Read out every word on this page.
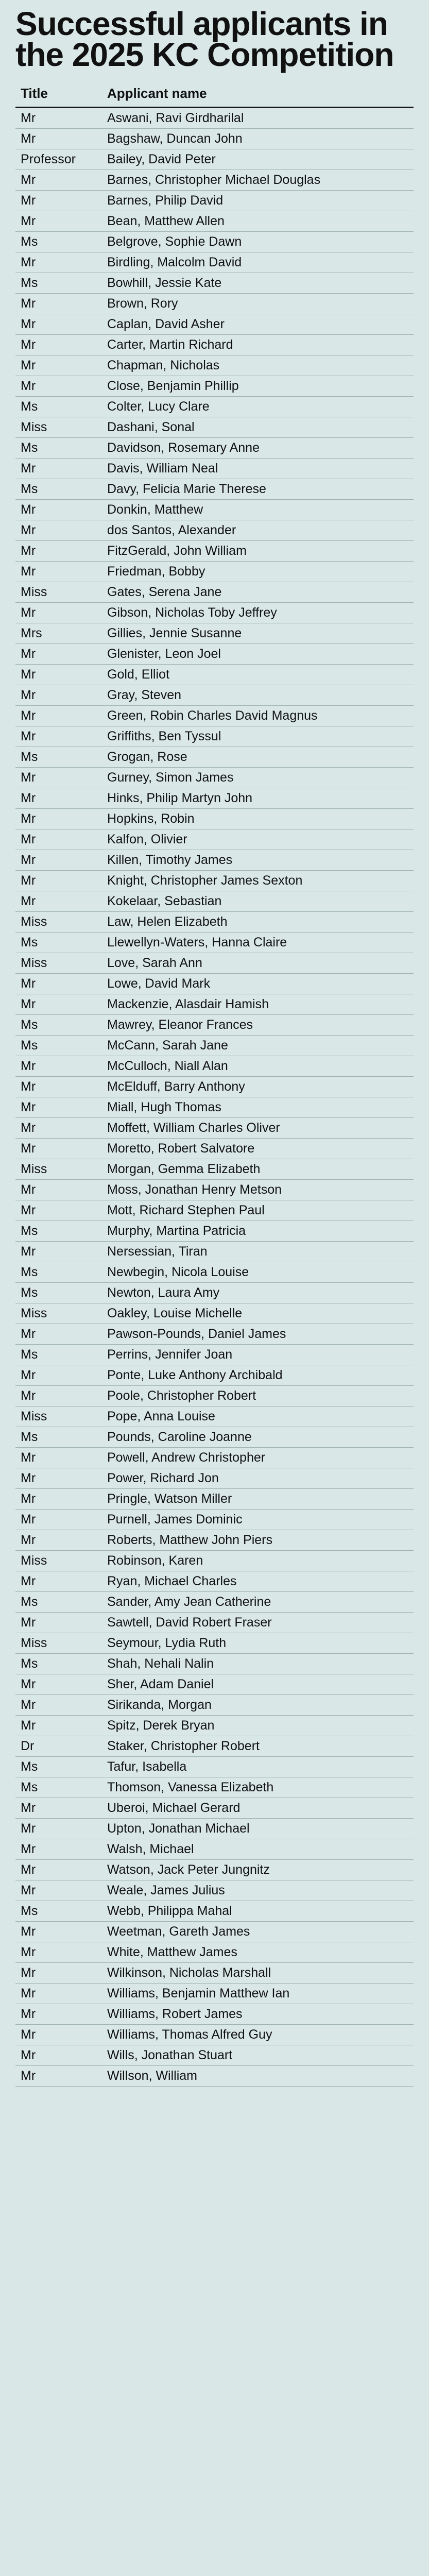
Successful applicants in the 2025 KC Competition
Title	Applicant name
Mr	Aswani, Ravi Girdharilal
Mr	Bagshaw, Duncan John
Professor	Bailey, David Peter
Mr	Barnes, Christopher Michael Douglas
Mr	Barnes, Philip David
Mr	Bean, Matthew Allen
Ms	Belgrove, Sophie Dawn
Mr	Birdling, Malcolm David
Ms	Bowhill, Jessie Kate
Mr	Brown, Rory
Mr	Caplan, David Asher
Mr	Carter, Martin Richard
Mr	Chapman, Nicholas
Mr	Close, Benjamin Phillip
Ms	Colter, Lucy Clare
Miss	Dashani, Sonal
Ms	Davidson, Rosemary Anne
Mr	Davis, William Neal
Ms	Davy, Felicia Marie Therese
Mr	Donkin, Matthew
Mr	dos Santos, Alexander
Mr	FitzGerald, John William
Mr	Friedman, Bobby
Miss	Gates, Serena Jane
Mr	Gibson, Nicholas Toby Jeffrey
Mrs	Gillies, Jennie Susanne
Mr	Glenister, Leon Joel
Mr	Gold, Elliot
Mr	Gray, Steven
Mr	Green, Robin Charles David Magnus
Mr	Griffiths, Ben Tyssul
Ms	Grogan, Rose
Mr	Gurney, Simon James
Mr	Hinks, Philip Martyn John
Mr	Hopkins, Robin
Mr	Kalfon, Olivier
Mr	Killen, Timothy James
Mr	Knight, Christopher James Sexton
Mr	Kokelaar, Sebastian
Miss	Law, Helen Elizabeth
Ms	Llewellyn-Waters, Hanna Claire
Miss	Love, Sarah Ann
Mr	Lowe, David Mark
Mr	Mackenzie, Alasdair Hamish
Ms	Mawrey, Eleanor Frances
Ms	McCann, Sarah Jane
Mr	McCulloch, Niall Alan
Mr	McElduff, Barry Anthony
Mr	Miall, Hugh Thomas
Mr	Moffett, William Charles Oliver
Mr	Moretto, Robert Salvatore
Miss	Morgan, Gemma Elizabeth
Mr	Moss, Jonathan Henry Metson
Mr	Mott, Richard Stephen Paul
Ms	Murphy, Martina Patricia
Mr	Nersessian, Tiran
Ms	Newbegin, Nicola Louise
Ms	Newton, Laura Amy
Miss	Oakley, Louise Michelle
Mr	Pawson-Pounds, Daniel James
Ms	Perrins, Jennifer Joan
Mr	Ponte, Luke Anthony Archibald
Mr	Poole, Christopher Robert
Miss	Pope, Anna Louise
Ms	Pounds, Caroline Joanne
Mr	Powell, Andrew Christopher
Mr	Power, Richard Jon
Mr	Pringle, Watson Miller
Mr	Purnell, James Dominic
Mr	Roberts, Matthew John Piers
Miss	Robinson, Karen
Mr	Ryan, Michael Charles
Ms	Sander, Amy Jean Catherine
Mr	Sawtell, David Robert Fraser
Miss	Seymour, Lydia Ruth
Ms	Shah, Nehali Nalin
Mr	Sher, Adam Daniel
Mr	Sirikanda, Morgan
Mr	Spitz, Derek Bryan
Dr	Staker, Christopher Robert
Ms	Tafur, Isabella
Ms	Thomson, Vanessa Elizabeth
Mr	Uberoi, Michael Gerard
Mr	Upton, Jonathan Michael
Mr	Walsh, Michael
Mr	Watson, Jack Peter Jungnitz
Mr	Weale, James Julius
Ms	Webb, Philippa Mahal
Mr	Weetman, Gareth James
Mr	White, Matthew James
Mr	Wilkinson, Nicholas Marshall
Mr	Williams, Benjamin Matthew Ian
Mr	Williams, Robert James
Mr	Williams, Thomas Alfred Guy
Mr	Wills, Jonathan Stuart
Mr	Willson, William
